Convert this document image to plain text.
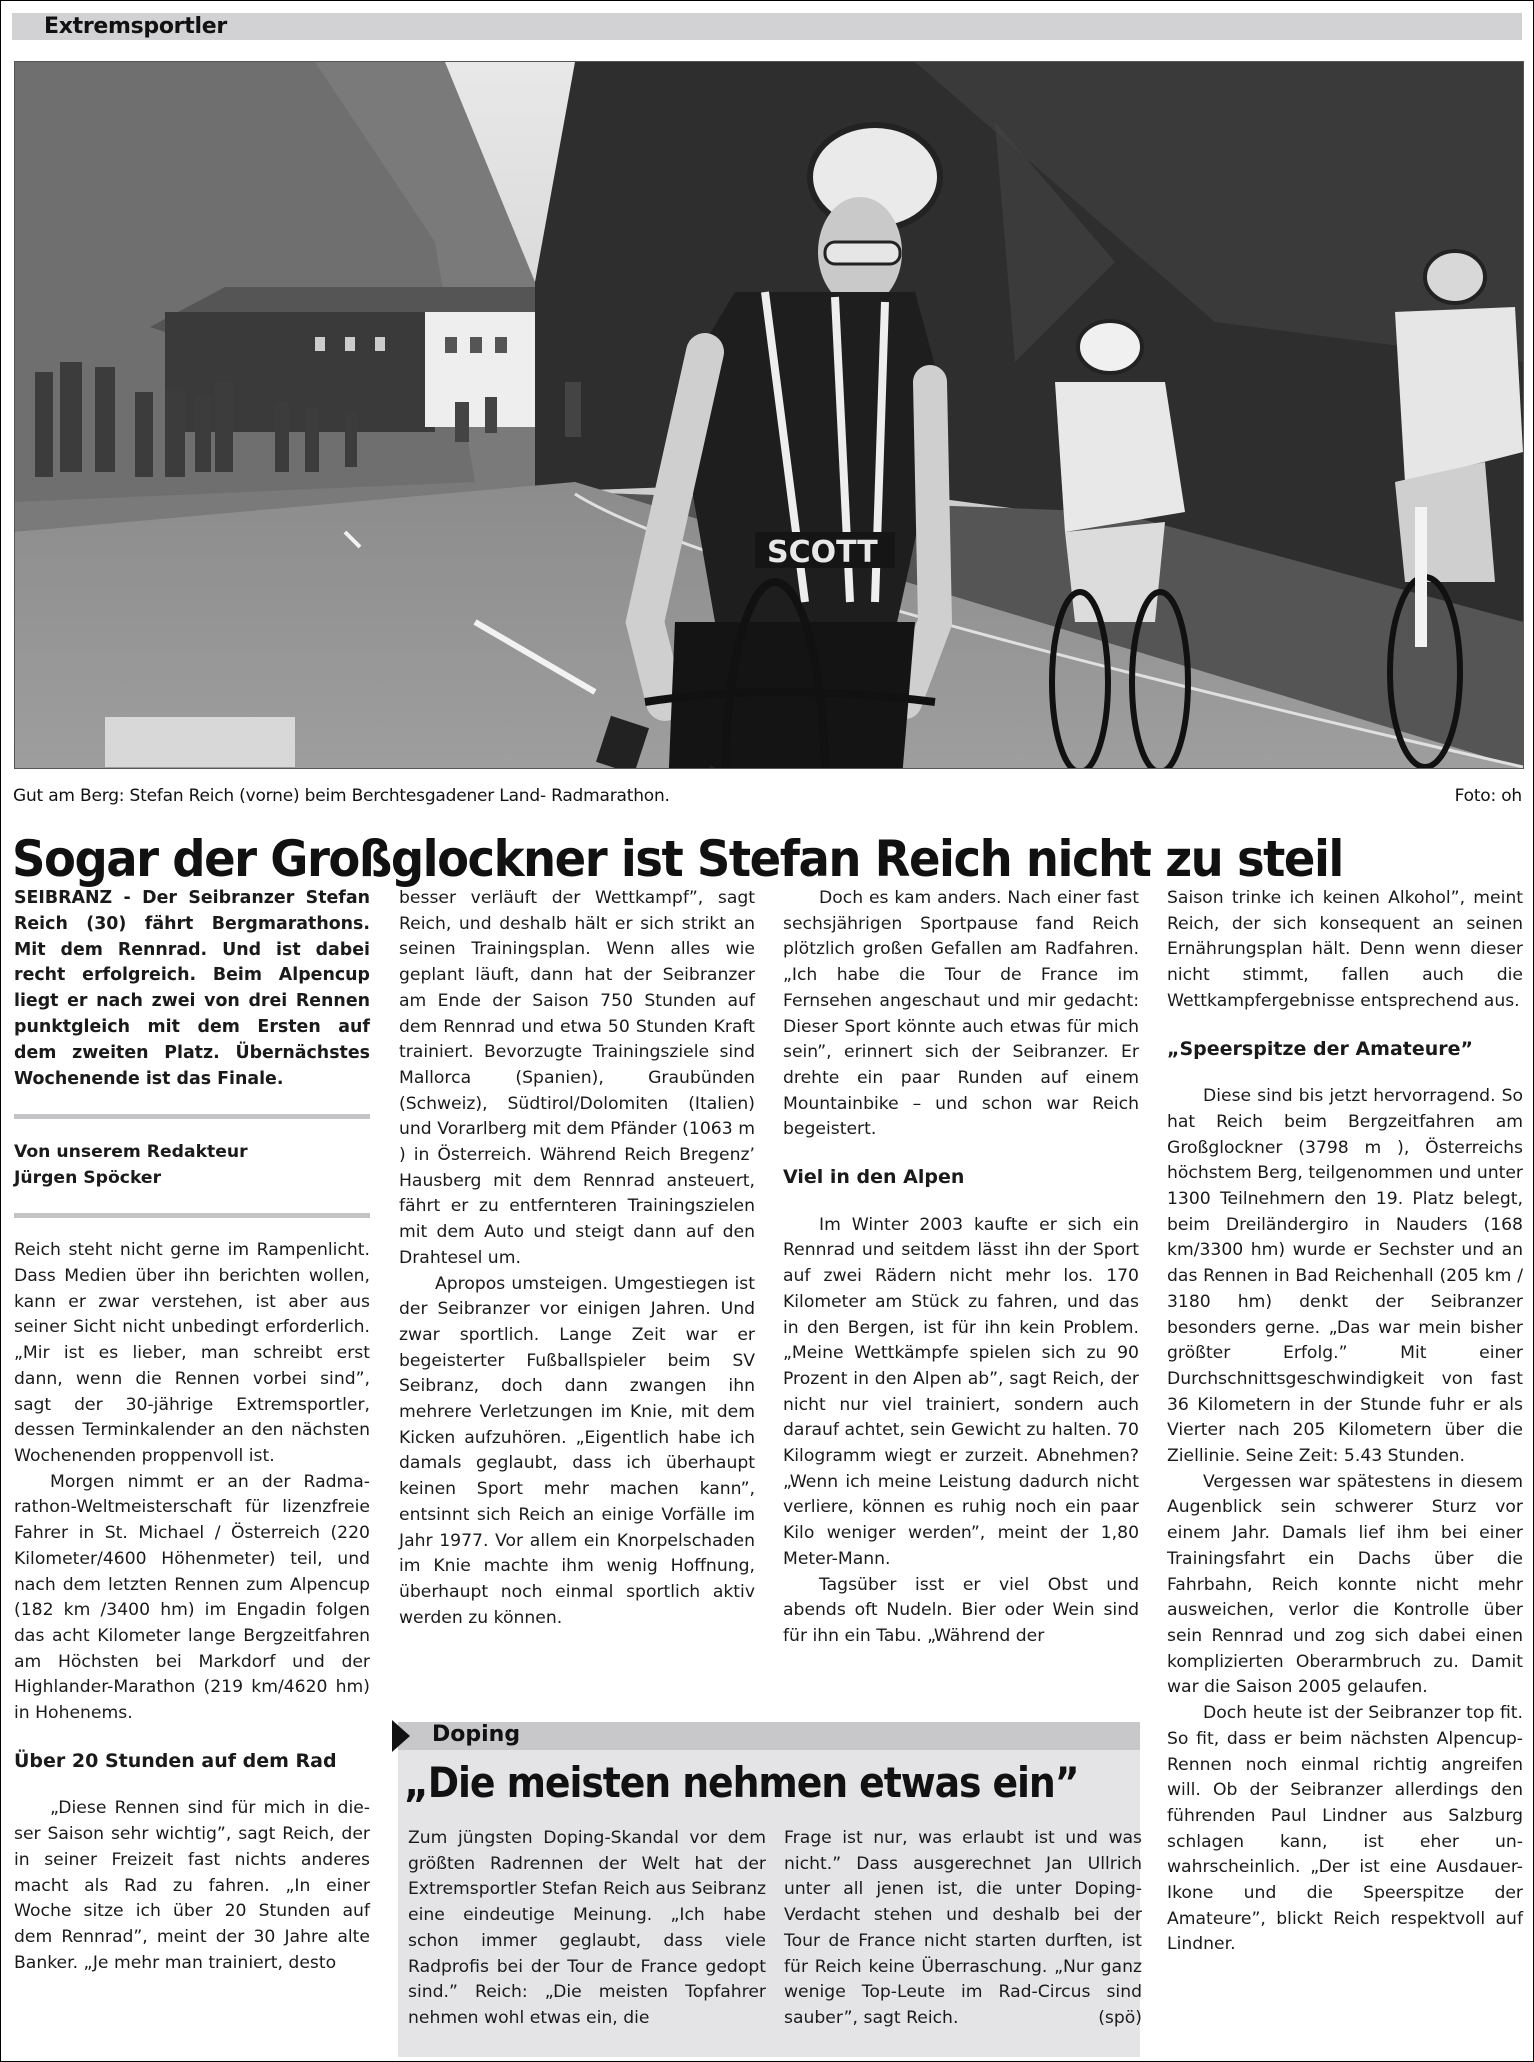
Extremsportler
SCOTT
Gut am Berg: Stefan Reich (vorne) beim Berchtesgadener Land- Radmarathon.	Foto: oh
Sogar der Großglockner ist Stefan Reich nicht zu steil

SEIBRANZ - Der Seibranzer Stefan Reich (30) fährt Bergmarathons. Mit dem Rennrad. Und ist dabei recht erfolgreich. Beim Alpencup liegt er nach zwei von drei Rennen punktgleich mit dem Ersten auf dem zweiten Platz. Übernächstes Wochenende ist das Finale.

Von unserem Redakteur
Jürgen Spöcker

Reich steht nicht gerne im Rampenlicht. Dass Medien über ihn berichten wollen, kann er zwar verstehen, ist aber aus seiner Sicht nicht unbedingt erforderlich. „Mir ist es lieber, man schreibt erst dann, wenn die Rennen vorbei sind”, sagt der 30-jährige Extremsportler, dessen Terminkalender an den nächsten Wochenenden proppenvoll ist.

Morgen nimmt er an der Radmarathon-Weltmeisterschaft für lizenzfreie Fahrer in St. Michael / Österreich (220 Kilometer/4600 Höhenmeter) teil, und nach dem letzten Rennen zum Alpencup (182 km /3400 hm) im Engadin folgen das acht Kilometer lange Bergzeitfahren am Höchsten bei Markdorf und der Highlander-Marathon (219 km/4620 hm) in Hohenems.

Über 20 Stunden auf dem Rad

„Diese Rennen sind für mich in dieser Saison sehr wichtig”, sagt Reich, der in seiner Freizeit fast nichts anderes macht als Rad zu fahren. „In einer Woche sitze ich über 20 Stunden auf dem Rennrad”, meint der 30 Jahre alte Banker. „Je mehr man trainiert, desto

besser verläuft der Wettkampf”, sagt Reich, und deshalb hält er sich strikt an seinen Trainingsplan. Wenn alles wie geplant läuft, dann hat der Seibranzer am Ende der Saison 750 Stunden auf dem Rennrad und etwa 50 Stunden Kraft trainiert. Bevorzugte Trainingsziele sind Mallorca (Spanien), Graubünden (Schweiz), Südtirol/Dolomiten (Italien) und Vorarlberg mit dem Pfänder (1063 m ) in Österreich. Während Reich Bregenz’ Hausberg mit dem Rennrad ansteuert, fährt er zu entfernteren Trainingszielen mit dem Auto und steigt dann auf den Drahtesel um.

Apropos umsteigen. Umgestiegen ist der Seibranzer vor einigen Jahren. Und zwar sportlich. Lange Zeit war er begeisterter Fußballspieler beim SV Seibranz, doch dann zwangen ihn mehrere Verletzungen im Knie, mit dem Kicken aufzuhören. „Eigentlich habe ich damals geglaubt, dass ich überhaupt keinen Sport mehr machen kann”, entsinnt sich Reich an einige Vorfälle im Jahr 1977. Vor allem ein Knorpelschaden im Knie machte ihm wenig Hoffnung, überhaupt noch einmal sportlich aktiv werden zu können.

Doch es kam anders. Nach einer fast sechsjährigen Sportpause fand Reich plötzlich großen Gefallen am Radfahren. „Ich habe die Tour de France im Fernsehen angeschaut und mir gedacht: Dieser Sport könnte auch etwas für mich sein”, erinnert sich der Seibranzer. Er drehte ein paar Runden auf einem Mountainbike – und schon war Reich begeistert.

Viel in den Alpen

Im Winter 2003 kaufte er sich ein Rennrad und seitdem lässt ihn der Sport auf zwei Rädern nicht mehr los. 170 Kilometer am Stück zu fahren, und das in den Bergen, ist für ihn kein Problem. „Meine Wettkämpfe spielen sich zu 90 Prozent in den Alpen ab”, sagt Reich, der nicht nur viel trainiert, sondern auch darauf achtet, sein Gewicht zu halten. 70 Kilogramm wiegt er zurzeit. Abnehmen? „Wenn ich meine Leistung dadurch nicht verliere, können es ruhig noch ein paar Kilo weniger werden”, meint der 1,80 Meter-Mann.

Tagsüber isst er viel Obst und abends oft Nudeln. Bier oder Wein sind für ihn ein Tabu. „Während der

Saison trinke ich keinen Alkohol”, meint Reich, der sich konsequent an seinen Ernährungsplan hält. Denn wenn dieser nicht stimmt, fallen auch die Wettkampfergebnisse entsprechend aus.

„Speerspitze der Amateure”

Diese sind bis jetzt hervorragend. So hat Reich beim Bergzeitfahren am Großglockner (3798 m ), Österreichs höchstem Berg, teilgenommen und unter 1300 Teilnehmern den 19. Platz belegt, beim Dreiländergiro in Nauders (168 km/3300 hm) wurde er Sechster und an das Rennen in Bad Reichenhall (205 km / 3180 hm) denkt der Seibranzer besonders gerne. „Das war mein bisher größter Erfolg.” Mit einer Durchschnittsgeschwindigkeit von fast 36 Kilometern in der Stunde fuhr er als Vierter nach 205 Kilometern über die Ziellinie. Seine Zeit: 5.43 Stunden.

Vergessen war spätestens in diesem Augenblick sein schwerer Sturz vor einem Jahr. Damals lief ihm bei einer Trainingsfahrt ein Dachs über die Fahrbahn, Reich konnte nicht mehr ausweichen, verlor die Kontrolle über sein Rennrad und zog sich dabei einen komplizierten Oberarmbruch zu. Damit war die Saison 2005 gelaufen.

Doch heute ist der Seibranzer top fit. So fit, dass er beim nächsten Alpencup-Rennen noch einmal richtig angreifen will. Ob der Seibranzer allerdings den führenden Paul Lindner aus Salzburg schlagen kann, ist eher unwahrscheinlich. „Der ist eine Ausdauer-Ikone und die Speerspitze der Amateure”, blickt Reich respektvoll auf Lindner.

Doping
„Die meisten nehmen etwas ein”

Zum jüngsten Doping-Skandal vor dem größten Radrennen der Welt hat der Extremsportler Stefan Reich aus Seibranz eine eindeutige Meinung. „Ich habe schon immer geglaubt, dass viele Radprofis bei der Tour de France gedopt sind.” Reich: „Die meisten Topfahrer nehmen wohl etwas ein, die

Frage ist nur, was erlaubt ist und was nicht.” Dass ausgerechnet Jan Ullrich unter all jenen ist, die unter Doping-Verdacht stehen und deshalb bei der Tour de France nicht starten durften, ist für Reich keine Überraschung. „Nur ganz wenige Top-Leute im Rad-Circus sind sauber”, sagt Reich.	(spö)
